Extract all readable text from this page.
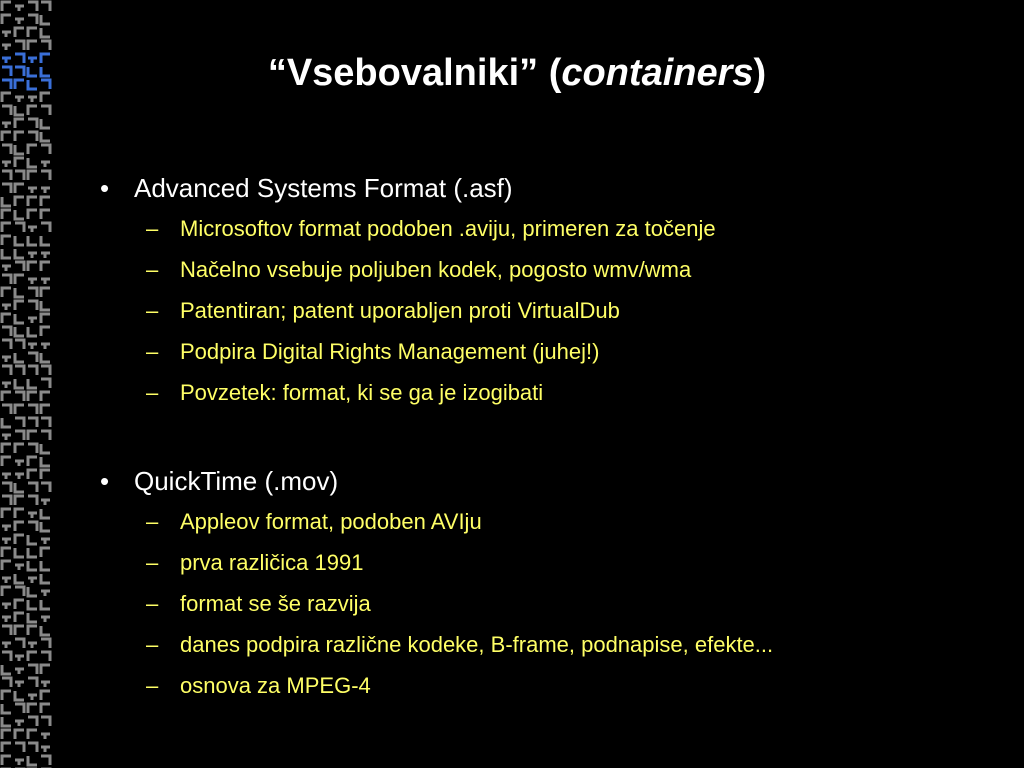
“Vsebovalniki” (containers)
• Advanced Systems Format (.asf)
– Microsoftov format podoben .aviju, primeren za točenje
– Načelno vsebuje poljuben kodek, pogosto wmv/wma
– Patentiran; patent uporabljen proti VirtualDub
– Podpira Digital Rights Management (juhej!)
– Povzetek: format, ki se ga je izogibati
• QuickTime (.mov)
– Appleov format, podoben AVIju
– prva različica 1991
– format se še razvija
– danes podpira različne kodeke, B-frame, podnapise, efekte...
– osnova za MPEG-4
